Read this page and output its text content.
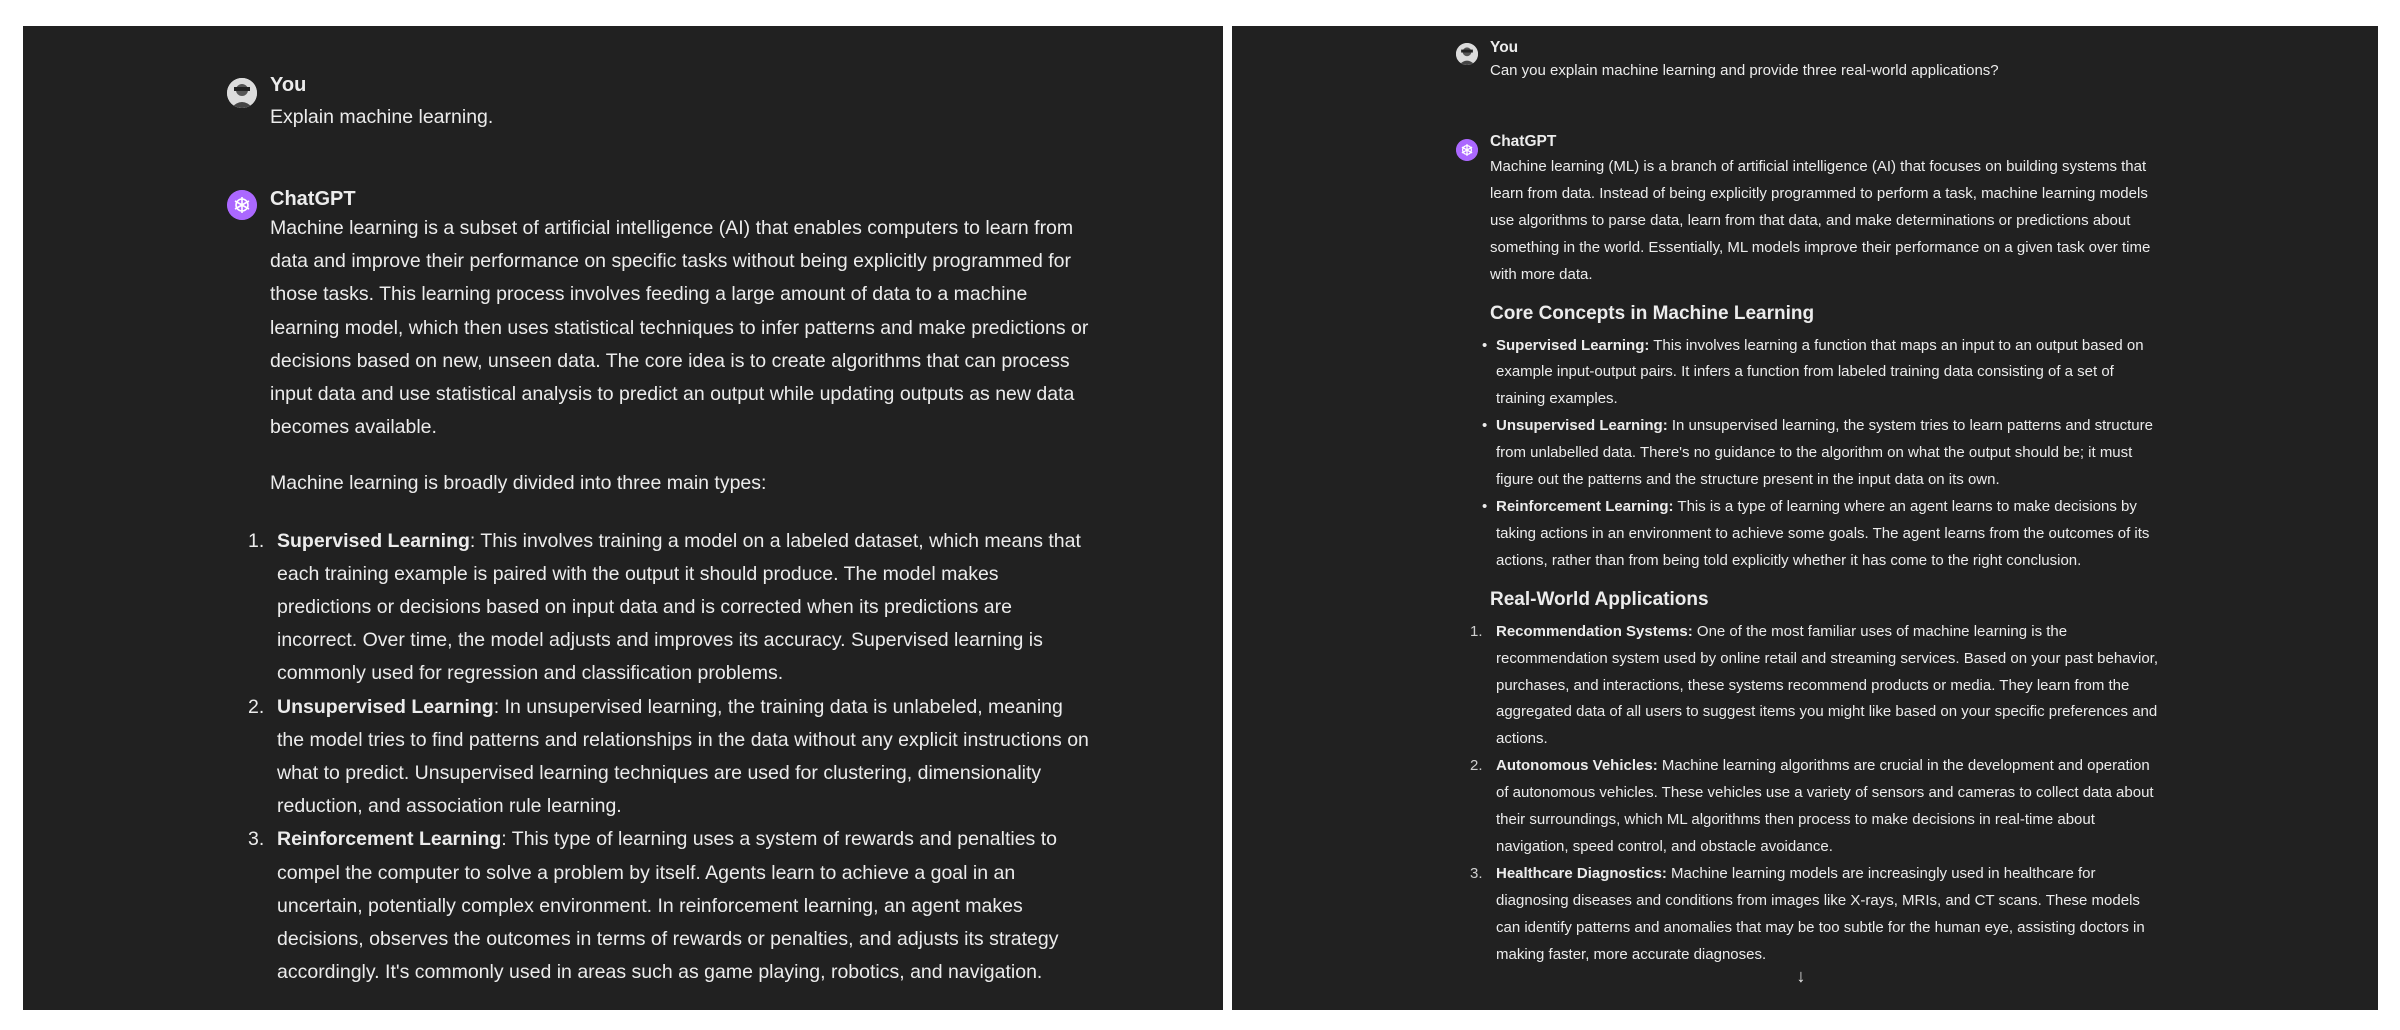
You
Explain machine learning.
ChatGPT

Machine learning is a subset of artificial intelligence (AI) that enables computers to learn from data and improve their performance on specific tasks without being explicitly programmed for those tasks. This learning process involves feeding a large amount of data to a machine learning model, which then uses statistical techniques to infer patterns and make predictions or decisions based on new, unseen data. The core idea is to create algorithms that can process input data and use statistical analysis to predict an output while updating outputs as new data becomes available.

Machine learning is broadly divided into three main types:

1. Supervised Learning: This involves training a model on a labeled dataset, which means that each training example is paired with the output it should produce. The model makes predictions or decisions based on input data and is corrected when its predictions are incorrect. Over time, the model adjusts and improves its accuracy. Supervised learning is commonly used for regression and classification problems.
2. Unsupervised Learning: In unsupervised learning, the training data is unlabeled, meaning the model tries to find patterns and relationships in the data without any explicit instructions on what to predict. Unsupervised learning techniques are used for clustering, dimensionality reduction, and association rule learning.
3. Reinforcement Learning: This type of learning uses a system of rewards and penalties to compel the computer to solve a problem by itself. Agents learn to achieve a goal in an uncertain, potentially complex environment. In reinforcement learning, an agent makes decisions, observes the outcomes in terms of rewards or penalties, and adjusts its strategy accordingly. It's commonly used in areas such as game playing, robotics, and navigation.
You
Can you explain machine learning and provide three real-world applications?
ChatGPT

Machine learning (ML) is a branch of artificial intelligence (AI) that focuses on building systems that learn from data. Instead of being explicitly programmed to perform a task, machine learning models use algorithms to parse data, learn from that data, and make determinations or predictions about something in the world. Essentially, ML models improve their performance on a given task over time with more data.

Core Concepts in Machine Learning
• Supervised Learning: This involves learning a function that maps an input to an output based on example input-output pairs. It infers a function from labeled training data consisting of a set of training examples.
• Unsupervised Learning: In unsupervised learning, the system tries to learn patterns and structure from unlabelled data. There's no guidance to the algorithm on what the output should be; it must figure out the patterns and the structure present in the input data on its own.
• Reinforcement Learning: This is a type of learning where an agent learns to make decisions by taking actions in an environment to achieve some goals. The agent learns from the outcomes of its actions, rather than from being told explicitly whether it has come to the right conclusion.
Real-World Applications
1. Recommendation Systems: One of the most familiar uses of machine learning is the recommendation system used by online retail and streaming services. Based on your past behavior, purchases, and interactions, these systems recommend products or media. They learn from the aggregated data of all users to suggest items you might like based on your specific preferences and actions.
2. Autonomous Vehicles: Machine learning algorithms are crucial in the development and operation of autonomous vehicles. These vehicles use a variety of sensors and cameras to collect data about their surroundings, which ML algorithms then process to make decisions in real-time about navigation, speed control, and obstacle avoidance.
3. Healthcare Diagnostics: Machine learning models are increasingly used in healthcare for diagnosing diseases and conditions from images like X-rays, MRIs, and CT scans. These models can identify patterns and anomalies that may be too subtle for the human eye, assisting doctors in making faster, more accurate diagnoses.
↓
